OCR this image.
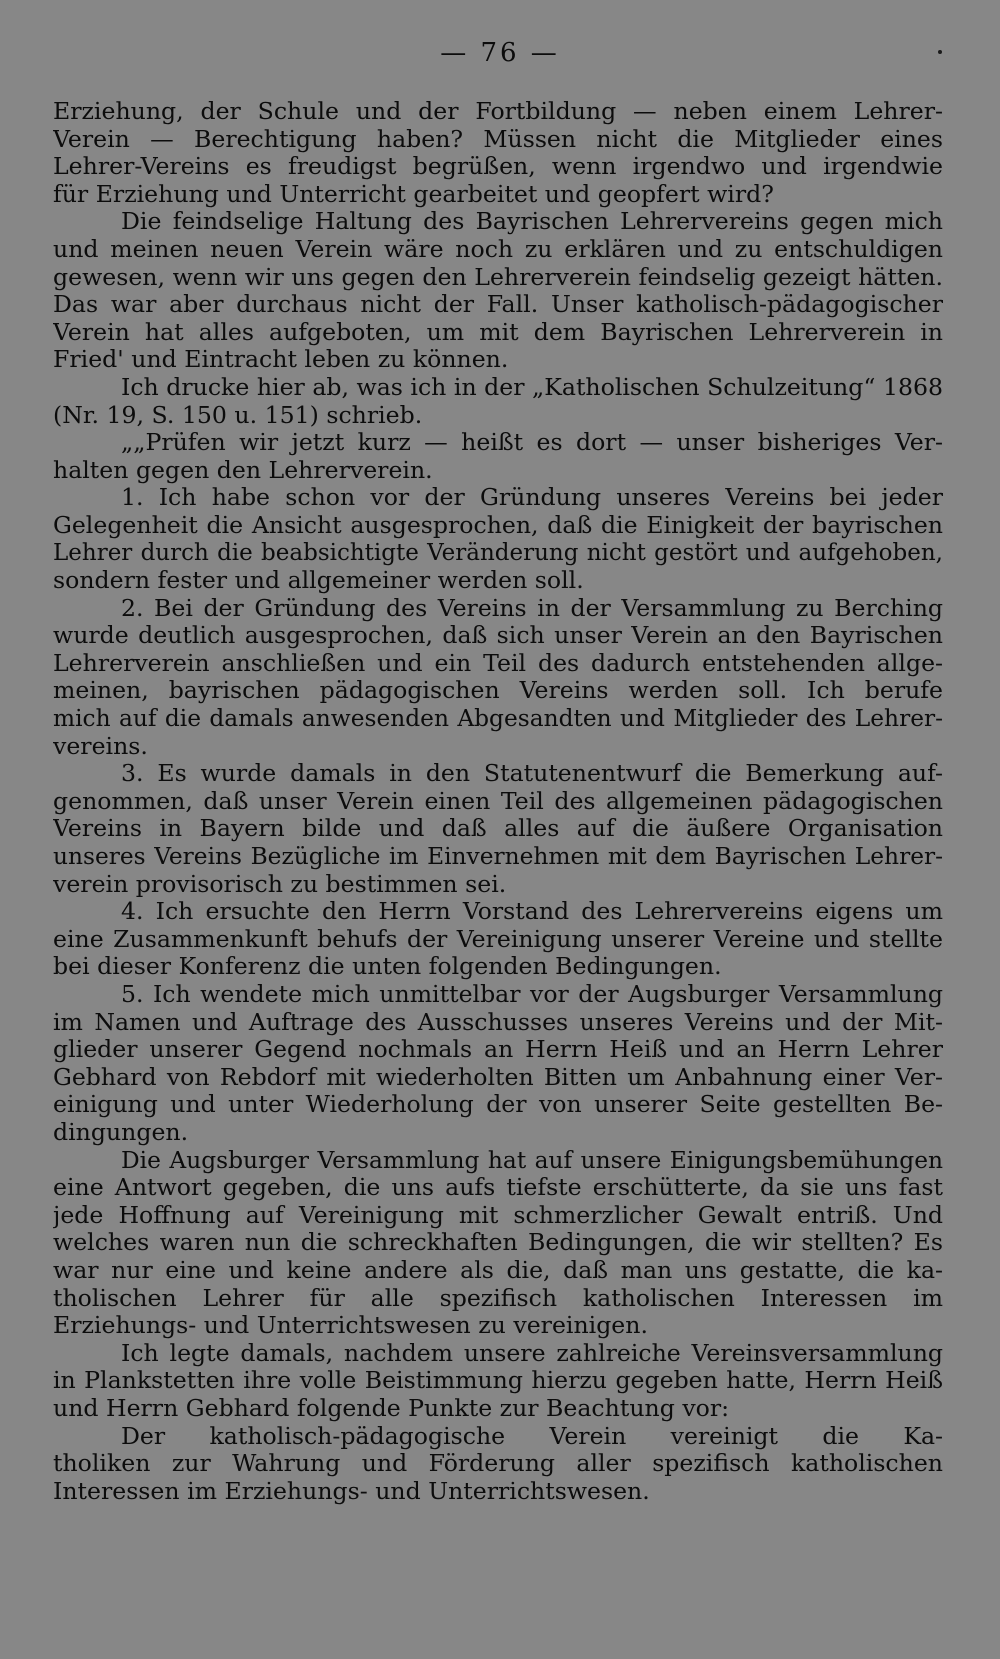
— 76 —
Erziehung, der Schule und der Fortbildung — neben einem Lehrer-
Verein — Berechtigung haben? Müssen nicht die Mitglieder eines
Lehrer-Vereins es freudigst begrüßen, wenn irgendwo und irgendwie
für Erziehung und Unterricht gearbeitet und geopfert wird?
Die feindselige Haltung des Bayrischen Lehrervereins gegen mich
und meinen neuen Verein wäre noch zu erklären und zu entschuldigen
gewesen, wenn wir uns gegen den Lehrerverein feindselig gezeigt hätten.
Das war aber durchaus nicht der Fall. Unser katholisch-pädagogischer
Verein hat alles aufgeboten, um mit dem Bayrischen Lehrerverein in
Fried' und Eintracht leben zu können.
Ich drucke hier ab, was ich in der „Katholischen Schulzeitung“ 1868
(Nr. 19, S. 150 u. 151) schrieb.
„„Prüfen wir jetzt kurz — heißt es dort — unser bisheriges Ver-
halten gegen den Lehrerverein.
1. Ich habe schon vor der Gründung unseres Vereins bei jeder
Gelegenheit die Ansicht ausgesprochen, daß die Einigkeit der bayrischen
Lehrer durch die beabsichtigte Veränderung nicht gestört und aufgehoben,
sondern fester und allgemeiner werden soll.
2. Bei der Gründung des Vereins in der Versammlung zu Berching
wurde deutlich ausgesprochen, daß sich unser Verein an den Bayrischen
Lehrerverein anschließen und ein Teil des dadurch entstehenden allge-
meinen, bayrischen pädagogischen Vereins werden soll. Ich berufe
mich auf die damals anwesenden Abgesandten und Mitglieder des Lehrer-
vereins.
3. Es wurde damals in den Statutenentwurf die Bemerkung auf-
genommen, daß unser Verein einen Teil des allgemeinen pädagogischen
Vereins in Bayern bilde und daß alles auf die äußere Organisation
unseres Vereins Bezügliche im Einvernehmen mit dem Bayrischen Lehrer-
verein provisorisch zu bestimmen sei.
4. Ich ersuchte den Herrn Vorstand des Lehrervereins eigens um
eine Zusammenkunft behufs der Vereinigung unserer Vereine und stellte
bei dieser Konferenz die unten folgenden Bedingungen.
5. Ich wendete mich unmittelbar vor der Augsburger Versammlung
im Namen und Auftrage des Ausschusses unseres Vereins und der Mit-
glieder unserer Gegend nochmals an Herrn Heiß und an Herrn Lehrer
Gebhard von Rebdorf mit wiederholten Bitten um Anbahnung einer Ver-
einigung und unter Wiederholung der von unserer Seite gestellten Be-
dingungen.
Die Augsburger Versammlung hat auf unsere Einigungsbemühungen
eine Antwort gegeben, die uns aufs tiefste erschütterte, da sie uns fast
jede Hoffnung auf Vereinigung mit schmerzlicher Gewalt entriß. Und
welches waren nun die schreckhaften Bedingungen, die wir stellten? Es
war nur eine und keine andere als die, daß man uns gestatte, die ka-
tholischen Lehrer für alle spezifisch katholischen Interessen im
Erziehungs- und Unterrichtswesen zu vereinigen.
Ich legte damals, nachdem unsere zahlreiche Vereinsversammlung
in Plankstetten ihre volle Beistimmung hierzu gegeben hatte, Herrn Heiß
und Herrn Gebhard folgende Punkte zur Beachtung vor:
Der katholisch-pädagogische Verein vereinigt die Ka-
tholiken zur Wahrung und Förderung aller spezifisch katholischen
Interessen im Erziehungs- und Unterrichtswesen.
